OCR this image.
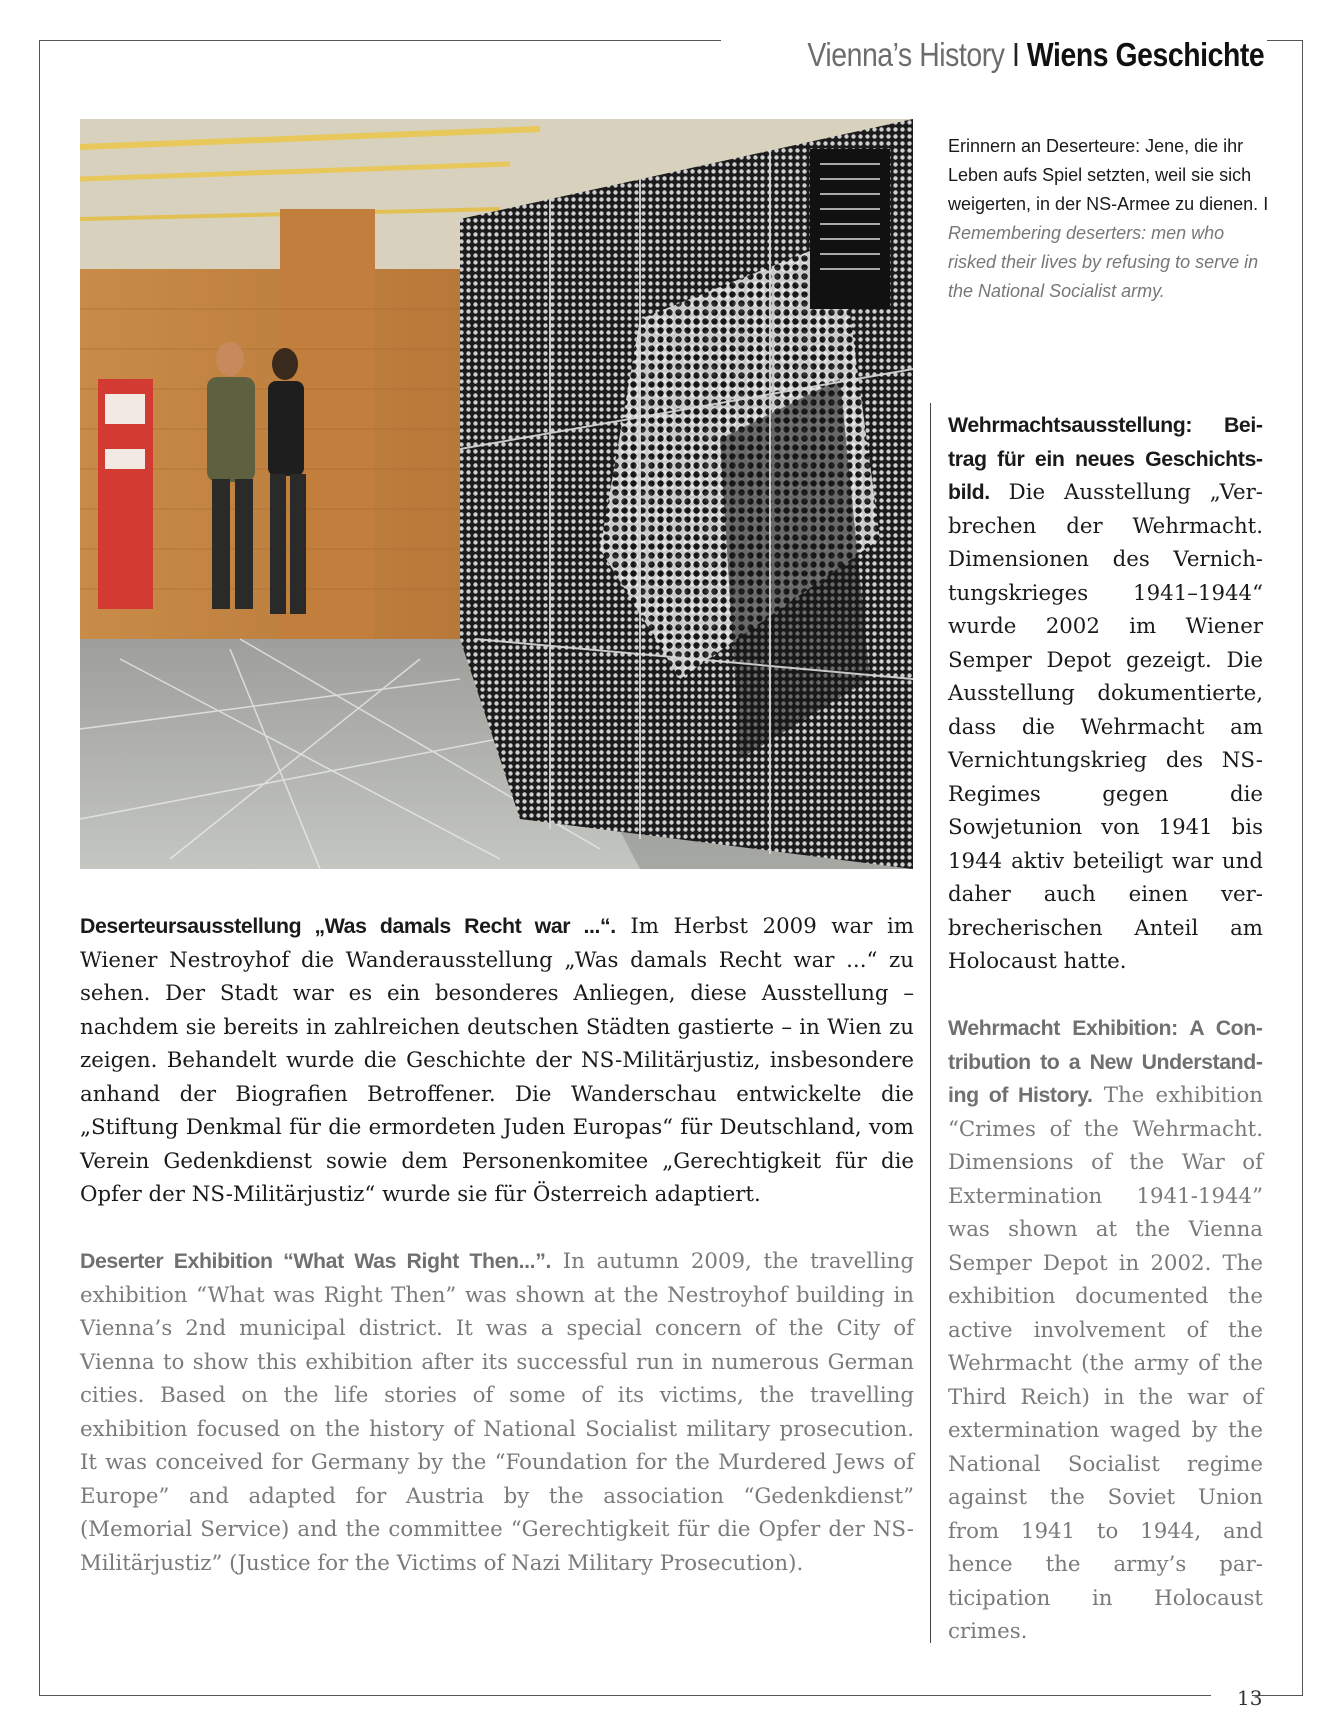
Vienna’s History I Wiens Geschichte
Erinnern an Deserteure: Jene, die ihr Leben aufs Spiel setzten, weil sie sich weigerten, in der NS-Armee zu dienen. I Remembering deserters: men who risked their lives by refusing to serve in the National Socialist army.

Deserteursausstellung „Was damals Recht war ...“. Im Herbst 2009 war im Wiener Nestroyhof die Wanderausstellung „Was damals Recht war ...“ zu sehen. Der Stadt war es ein besonderes Anliegen, diese Ausstellung – nachdem sie bereits in zahlreichen deutschen Städten gastierte – in Wien zu zeigen. Behandelt wurde die Geschichte der NS-Militärjustiz, insbesondere anhand der Biografien Betroffener. Die Wanderschau entwickelte die „Stiftung Denkmal für die ermordeten Juden Europas“ für Deutschland, vom Verein Gedenkdienst sowie dem Personenkomitee „Gerechtigkeit für die Opfer der NS-Militärjustiz“ wurde sie für Österreich adaptiert.

Deserter Exhibition “What Was Right Then...”. In autumn 2009, the travelling exhibition “What was Right Then” was shown at the Nestroyhof building in Vienna’s 2nd municipal district. It was a special concern of the City of Vienna to show this exhibition after its successful run in numerous German cities. Based on the life stories of some of its victims, the travelling exhibition focused on the history of National Socialist military prosecution. It was conceived for Germany by the “Foundation for the Murdered Jews of Europe” and adapted for Austria by the association “Gedenkdienst” (Memorial Service) and the committee “Gerechtigkeit für die Opfer der NS-Militärjustiz” (Justice for the Victims of Nazi Military Prosecution).

Wehrmachtsausstellung: Beitrag für ein neues Geschichtsbild. Die Ausstellung „Verbrechen der Wehrmacht. Dimensionen des Vernichtungskrieges 1941–1944“ wurde 2002 im Wiener Semper Depot gezeigt. Die Ausstellung dokumentierte, dass die Wehrmacht am Vernichtungskrieg des NS-Regimes gegen die Sowjetunion von 1941 bis 1944 aktiv beteiligt war und daher auch einen verbrecherischen Anteil am Holocaust hatte.

Wehrmacht Exhibition: A Contribution to a New Understanding of History. The exhibition “Crimes of the Wehrmacht. Dimensions of the War of Extermination 1941-1944” was shown at the Vienna Semper Depot in 2002. The exhibition documented the active involvement of the Wehrmacht (the army of the Third Reich) in the war of extermination waged by the National Socialist regime against the Soviet Union from 1941 to 1944, and hence the army’s participation in Holocaust crimes.

13
